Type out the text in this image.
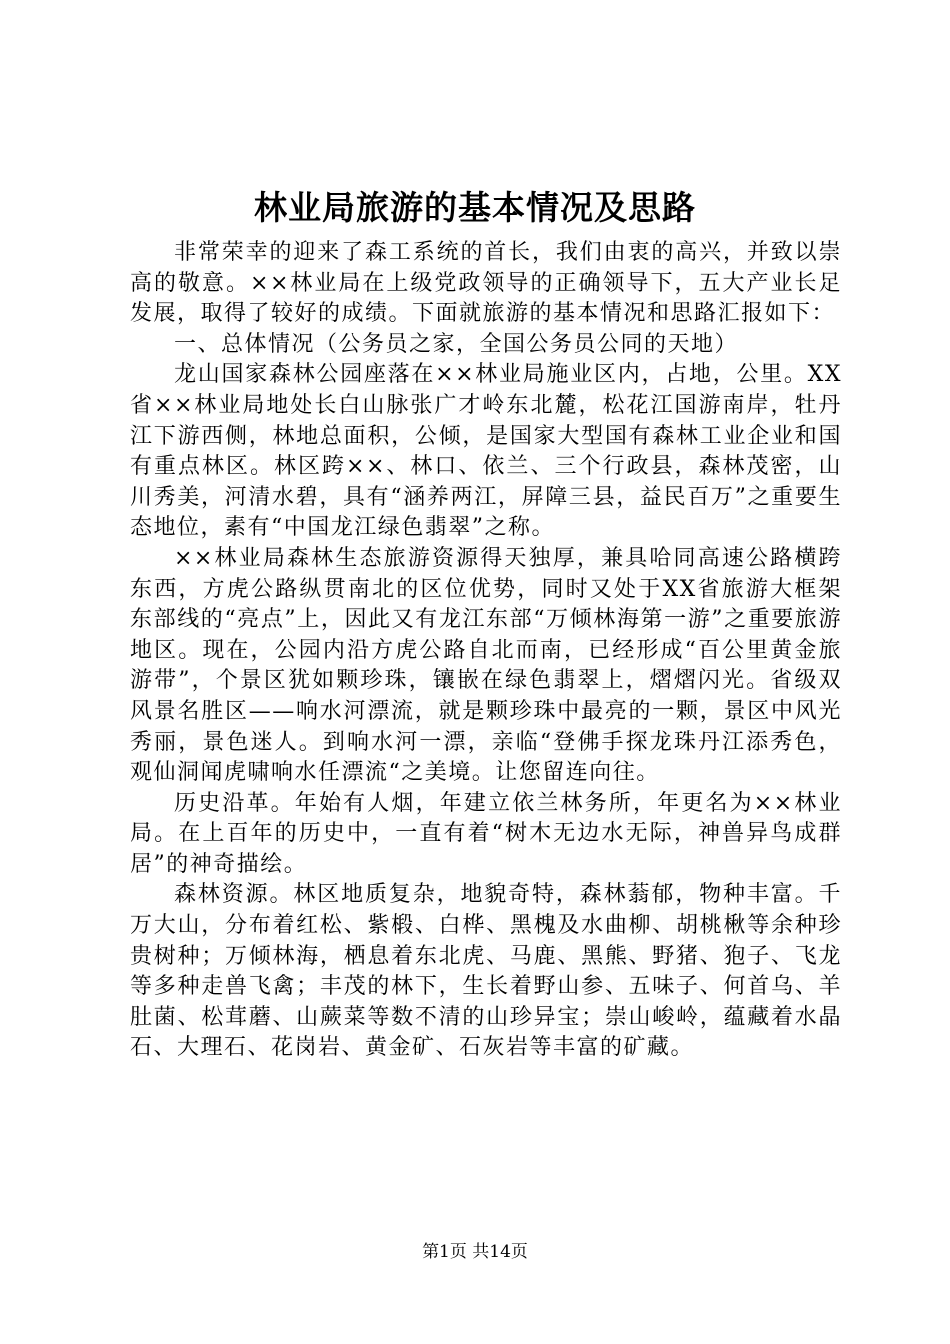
林业局旅游的基本情况及思路

非常荣幸的迎来了森工系统的首长，我们由衷的高兴，并致以崇高的敬意。××林业局在上级党政领导的正确领导下，五大产业长足发展，取得了较好的成绩。下面就旅游的基本情况和思路汇报如下：

一、总体情况（公务员之家，全国公务员公同的天地）

龙山国家森林公园座落在××林业局施业区内，占地，公里。XX省××林业局地处长白山脉张广才岭东北麓，松花江国游南岸，牡丹江下游西侧，林地总面积，公倾，是国家大型国有森林工业企业和国有重点林区。林区跨××、林口、依兰、三个行政县，森林茂密，山川秀美，河清水碧，具有“涵养两江，屏障三县，益民百万”之重要生态地位，素有“中国龙江绿色翡翠”之称。

××林业局森林生态旅游资源得天独厚，兼具哈同高速公路横跨东西，方虎公路纵贯南北的区位优势，同时又处于XX省旅游大框架东部线的“亮点”上，因此又有龙江东部“万倾林海第一游”之重要旅游地区。现在，公园内沿方虎公路自北而南，已经形成“百公里黄金旅游带”，个景区犹如颗珍珠，镶嵌在绿色翡翠上，熠熠闪光。省级双风景名胜区——响水河漂流，就是颗珍珠中最亮的一颗，景区中风光秀丽，景色迷人。到响水河一漂，亲临“登佛手探龙珠丹江添秀色，观仙洞闻虎啸响水任漂流“之美境。让您留连向往。

历史沿革。年始有人烟，年建立依兰林务所，年更名为××林业局。在上百年的历史中，一直有着“树木无边水无际，神兽异鸟成群居”的神奇描绘。

森林资源。林区地质复杂，地貌奇特，森林蓊郁，物种丰富。千万大山，分布着红松、紫椴、白桦、黑槐及水曲柳、胡桃楸等余种珍贵树种；万倾林海，栖息着东北虎、马鹿、黑熊、野猪、狍子、飞龙等多种走兽飞禽；丰茂的林下，生长着野山参、五味子、何首乌、羊肚菌、松茸蘑、山蕨菜等数不清的山珍异宝；崇山峻岭，蕴藏着水晶石、大理石、花岗岩、黄金矿、石灰岩等丰富的矿藏。

第1页 共14页
